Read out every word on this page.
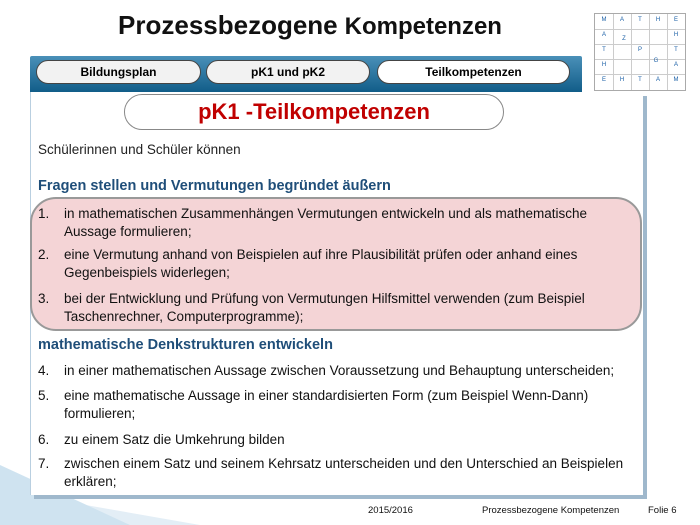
Prozessbezogene Kompetenzen	M	A	T	H	E
A	H
Z
T	P	T
H
G
A
E	H	T	A	M
Bildungsplan	pK1 und pK2	Teilkompetenzen
pK1 -Teilkompetenzen
Schülerinnen und Schüler können
Fragen stellen und Vermutungen begründet äußern
1.	in mathematischen Zusammenhängen Vermutungen entwickeln und als mathematische Aussage formulieren;
2.	eine Vermutung anhand von Beispielen auf ihre Plausibilität prüfen oder anhand eines Gegenbeispiels widerlegen;
3.	bei der Entwicklung und Prüfung von Vermutungen Hilfsmittel verwenden (zum Beispiel Taschenrechner, Computerprogramme);
mathematische Denkstrukturen entwickeln
4.	in einer mathematischen Aussage zwischen Voraussetzung und Behauptung unterscheiden;
5.	eine mathematische Aussage in einer standardisierten Form (zum Beispiel Wenn-Dann) formulieren;
6.	zu einem Satz die Umkehrung bilden
7.	zwischen einem Satz und seinem Kehrsatz unterscheiden und den Unterschied an Beispielen erklären;
2015/2016	Prozessbezogene Kompetenzen	Folie 6
